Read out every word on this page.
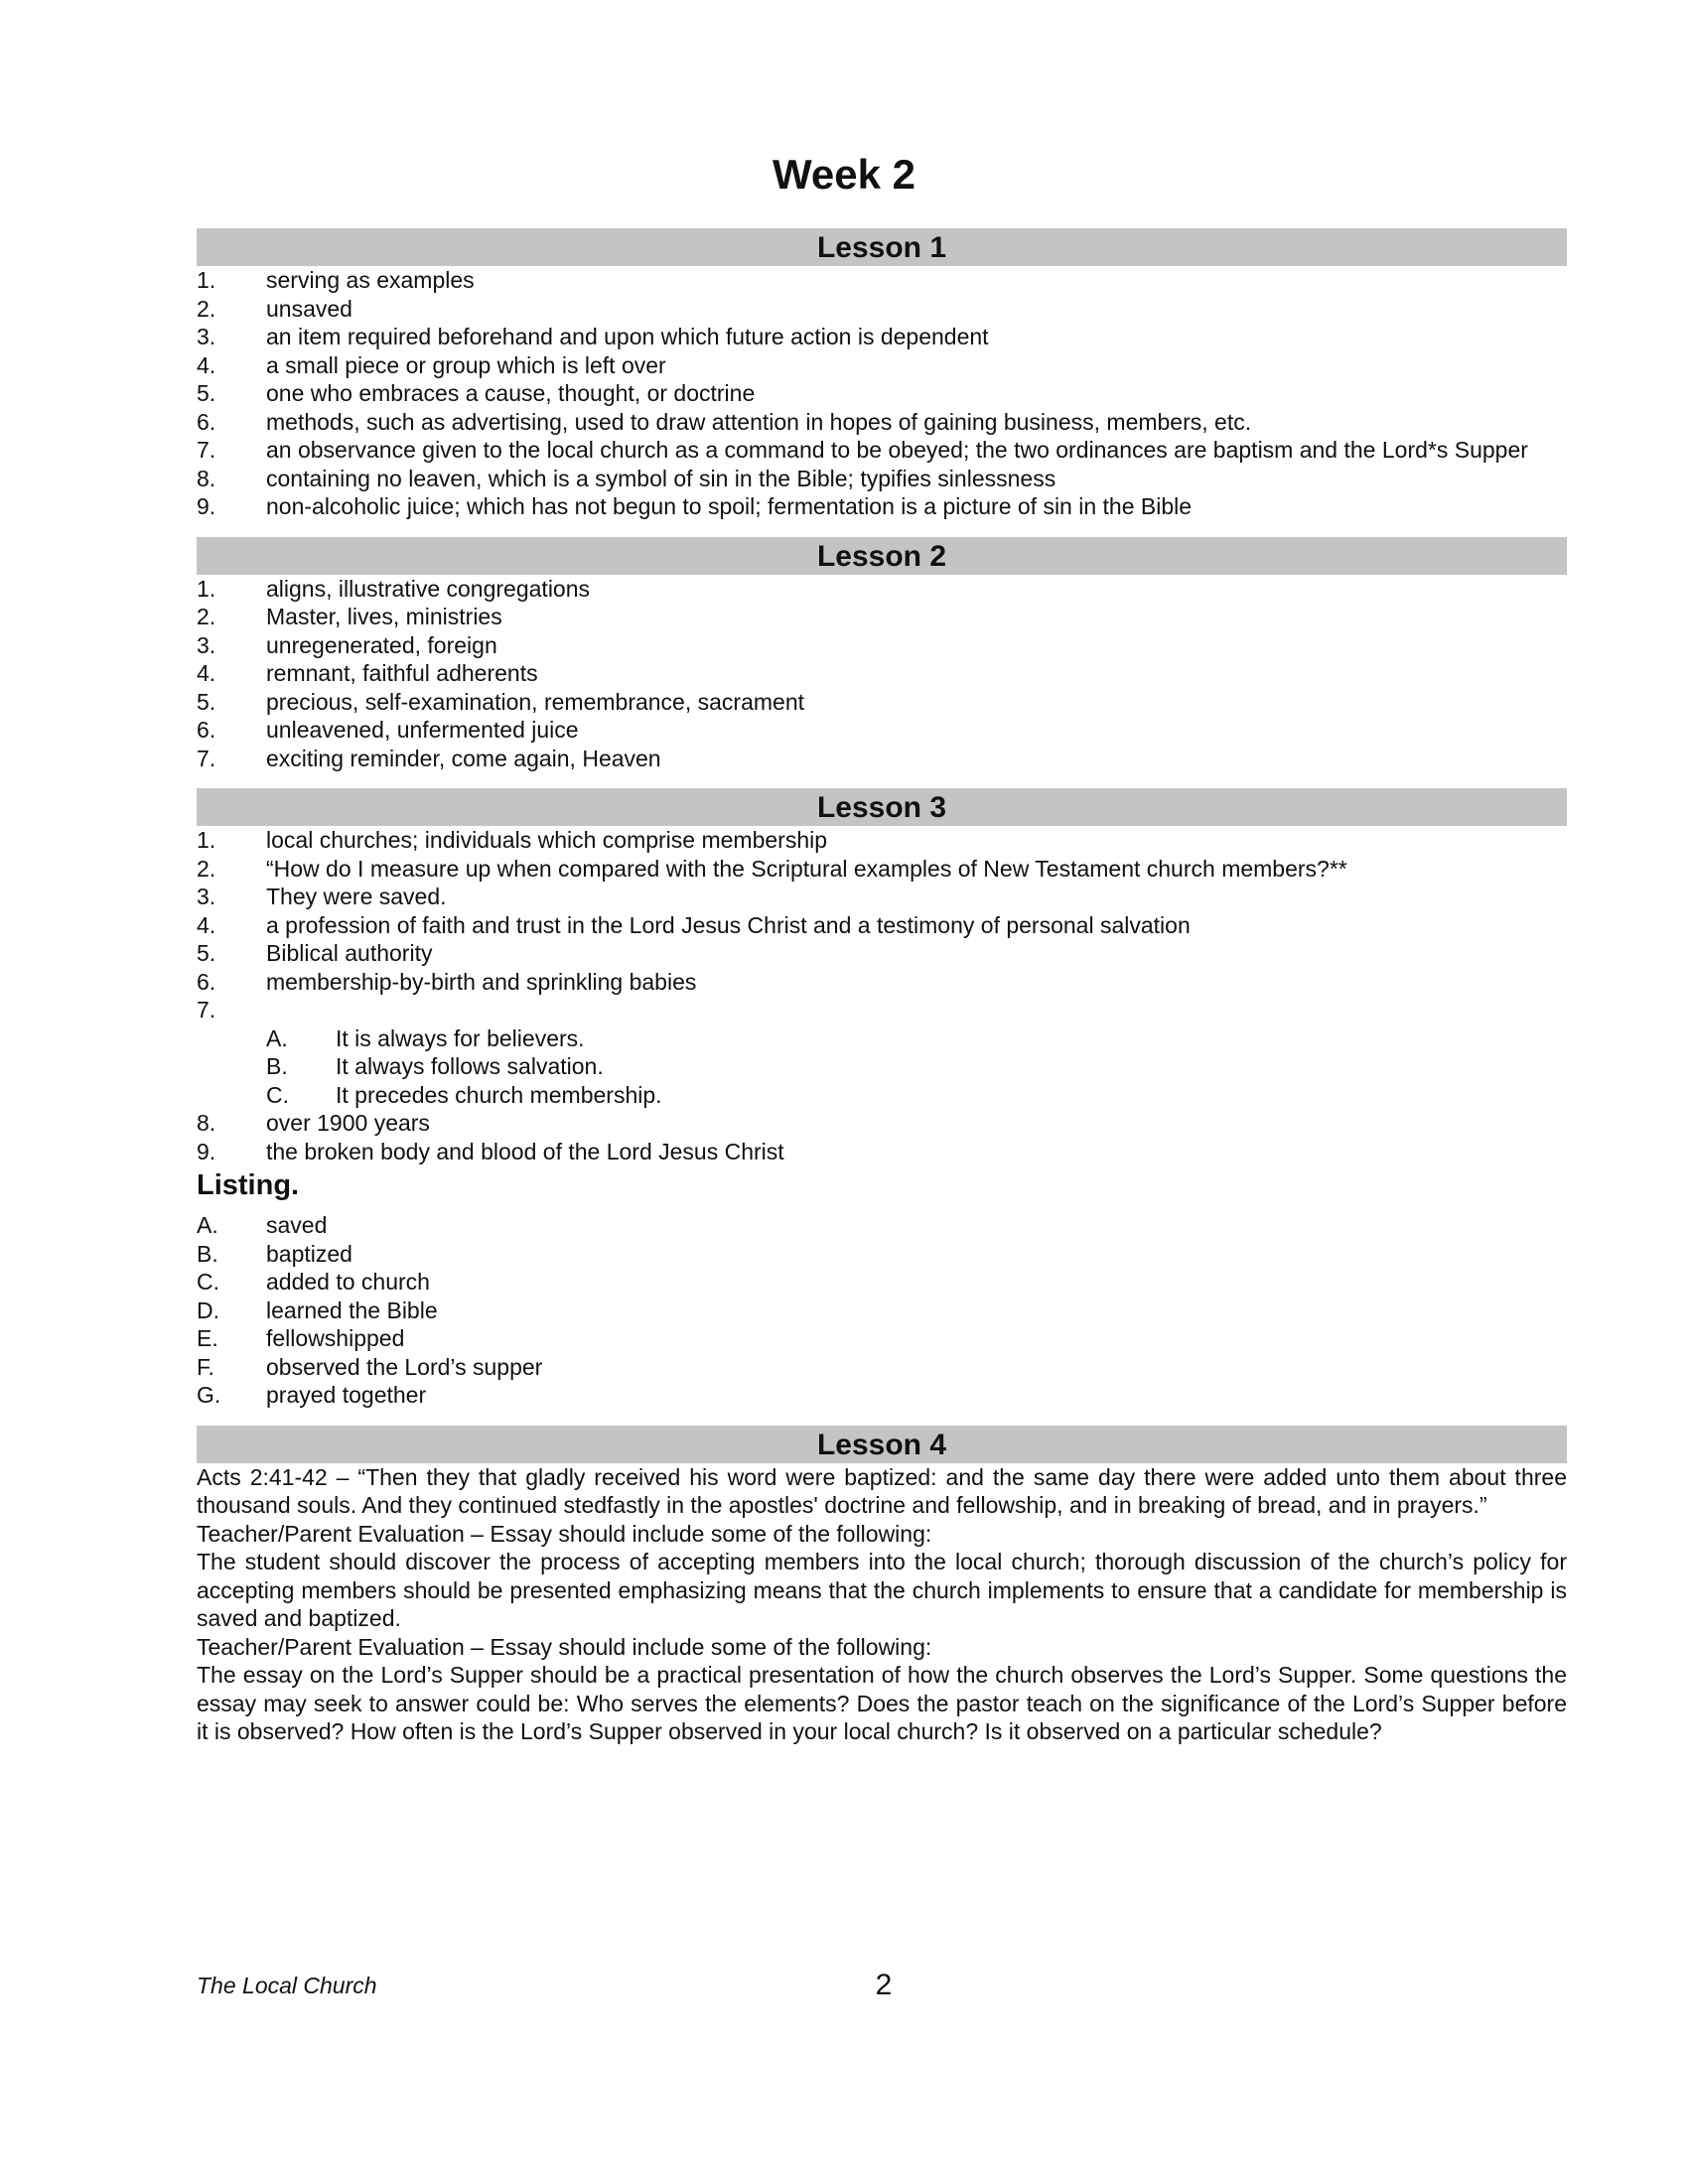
Week 2
Lesson 1
1.	serving as examples
2.	unsaved
3.	an item required beforehand and upon which future action is dependent
4.	a small piece or group which is left over
5.	one who embraces a cause, thought, or doctrine
6.	methods, such as advertising, used to draw attention in hopes of gaining business, members, etc.
7.	an observance given to the local church as a command to be obeyed; the two ordinances are baptism and the Lord*s Supper
8.	containing no leaven, which is a symbol of sin in the Bible; typifies sinlessness
9.	non-alcoholic juice; which has not begun to spoil; fermentation is a picture of sin in the Bible
Lesson 2
1.	aligns, illustrative congregations
2.	Master, lives, ministries
3.	unregenerated, foreign
4.	remnant, faithful adherents
5.	precious, self-examination, remembrance, sacrament
6.	unleavened, unfermented juice
7.	exciting reminder, come again, Heaven
Lesson 3
1.	local churches; individuals which comprise membership
2.	“How do I measure up when compared with the Scriptural examples of New Testament church members?**
3.	They were saved.
4.	a profession of faith and trust in the Lord Jesus Christ and a testimony of personal salvation
5.	Biblical authority
6.	membership-by-birth and sprinkling babies
7.
A.	It is always for believers.
B.	It always follows salvation.
C.	It precedes church membership.
8.	over 1900 years
9.	the broken body and blood of the Lord Jesus Christ
Listing.
A.	saved
B.	baptized
C.	added to church
D.	learned the Bible
E.	fellowshipped
F.	observed the Lord’s supper
G.	prayed together
Lesson 4
Acts 2:41-42 – “Then they that gladly received his word were baptized: and the same day there were added unto them about three thousand souls. And they continued stedfastly in the apostles' doctrine and fellowship, and in breaking of bread, and in prayers.”
Teacher/Parent Evaluation – Essay should include some of the following:
The student should discover the process of accepting members into the local church; thorough discussion of the church’s policy for accepting members should be presented emphasizing means that the church implements to ensure that a candidate for membership is saved and baptized.
Teacher/Parent Evaluation – Essay should include some of the following:
The essay on the Lord’s Supper should be a practical presentation of how the church observes the Lord’s Supper. Some questions the essay may seek to answer could be: Who serves the elements? Does the pastor teach on the significance of the Lord’s Supper before it is observed? How often is the Lord’s Supper observed in your local church? Is it observed on a particular schedule?
The Local Church	2
